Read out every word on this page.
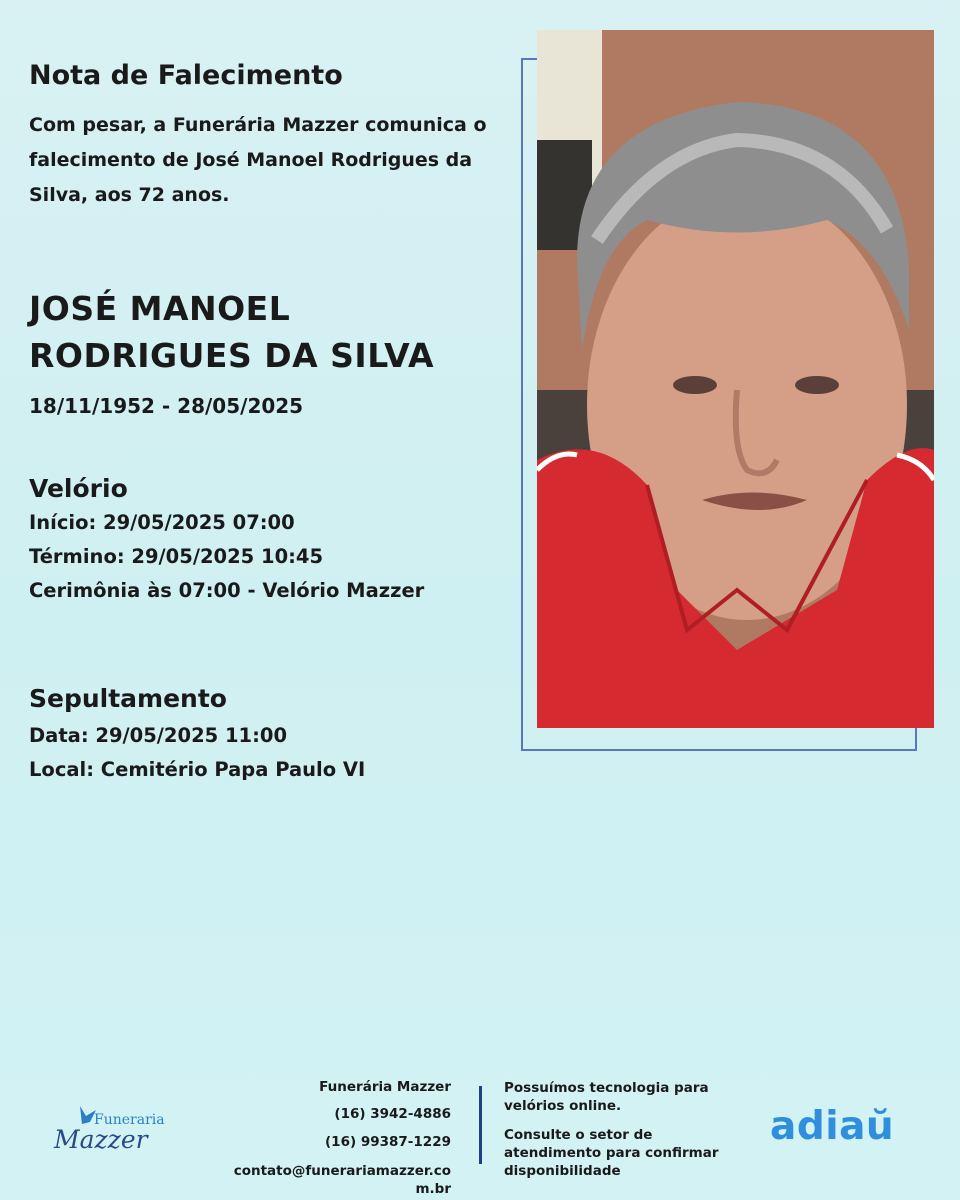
Nota de Falecimento

Com pesar, a Funerária Mazzer comunica o falecimento de José Manoel Rodrigues da Silva, aos 72 anos.

JOSÉ MANOEL
RODRIGUES DA SILVA
18/11/1952 - 28/05/2025
Velório
Início: 29/05/2025 07:00
Término: 29/05/2025 10:45
Cerimônia às 07:00 - Velório Mazzer
Sepultamento
Data: 29/05/2025 11:00
Local: Cemitério Papa Paulo VI
Funeraria
Mazzer
Funerária Mazzer
(16) 3942-4886
(16) 99387-1229
contato@funerariamazzer.co
m.br

Possuímos tecnologia para velórios online.

Consulte o setor de atendimento para confirmar disponibilidade

adiaŭ
